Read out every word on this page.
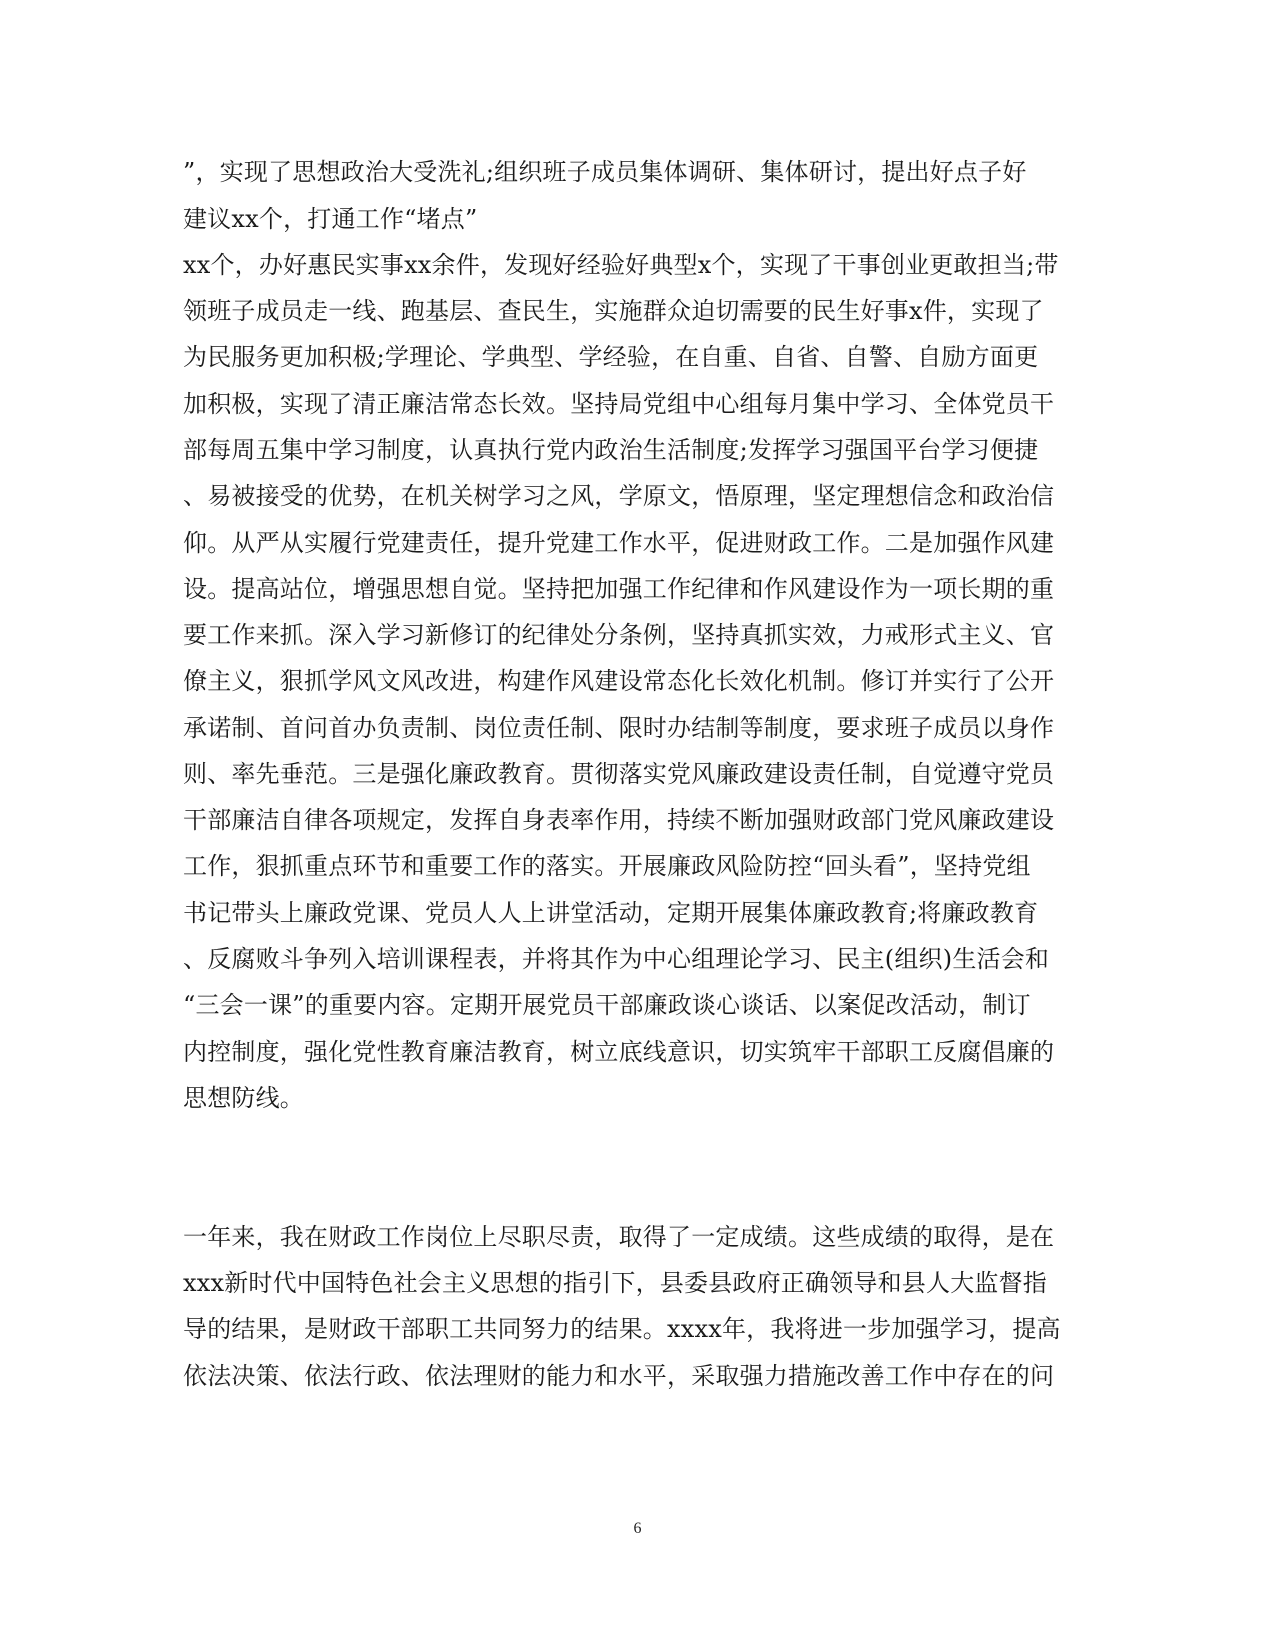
”，实现了思想政治大受洗礼;组织班子成员集体调研、集体研讨，提出好点子好
建议xx个，打通工作“堵点”
xx个，办好惠民实事xx余件，发现好经验好典型x个，实现了干事创业更敢担当;带
领班子成员走一线、跑基层、查民生，实施群众迫切需要的民生好事x件，实现了
为民服务更加积极;学理论、学典型、学经验，在自重、自省、自警、自励方面更
加积极，实现了清正廉洁常态长效。坚持局党组中心组每月集中学习、全体党员干
部每周五集中学习制度，认真执行党内政治生活制度;发挥学习强国平台学习便捷
、易被接受的优势，在机关树学习之风，学原文，悟原理，坚定理想信念和政治信
仰。从严从实履行党建责任，提升党建工作水平，促进财政工作。二是加强作风建
设。提高站位，增强思想自觉。坚持把加强工作纪律和作风建设作为一项长期的重
要工作来抓。深入学习新修订的纪律处分条例，坚持真抓实效，力戒形式主义、官
僚主义，狠抓学风文风改进，构建作风建设常态化长效化机制。修订并实行了公开
承诺制、首问首办负责制、岗位责任制、限时办结制等制度，要求班子成员以身作
则、率先垂范。三是强化廉政教育。贯彻落实党风廉政建设责任制，自觉遵守党员
干部廉洁自律各项规定，发挥自身表率作用，持续不断加强财政部门党风廉政建设
工作，狠抓重点环节和重要工作的落实。开展廉政风险防控“回头看”，坚持党组
书记带头上廉政党课、党员人人上讲堂活动，定期开展集体廉政教育;将廉政教育
、反腐败斗争列入培训课程表，并将其作为中心组理论学习、民主(组织)生活会和
“三会一课”的重要内容。定期开展党员干部廉政谈心谈话、以案促改活动，制订
内控制度，强化党性教育廉洁教育，树立底线意识，切实筑牢干部职工反腐倡廉的
思想防线。
一年来，我在财政工作岗位上尽职尽责，取得了一定成绩。这些成绩的取得，是在
xxx新时代中国特色社会主义思想的指引下，县委县政府正确领导和县人大监督指
导的结果，是财政干部职工共同努力的结果。xxxx年，我将进一步加强学习，提高
依法决策、依法行政、依法理财的能力和水平，采取强力措施改善工作中存在的问
6
